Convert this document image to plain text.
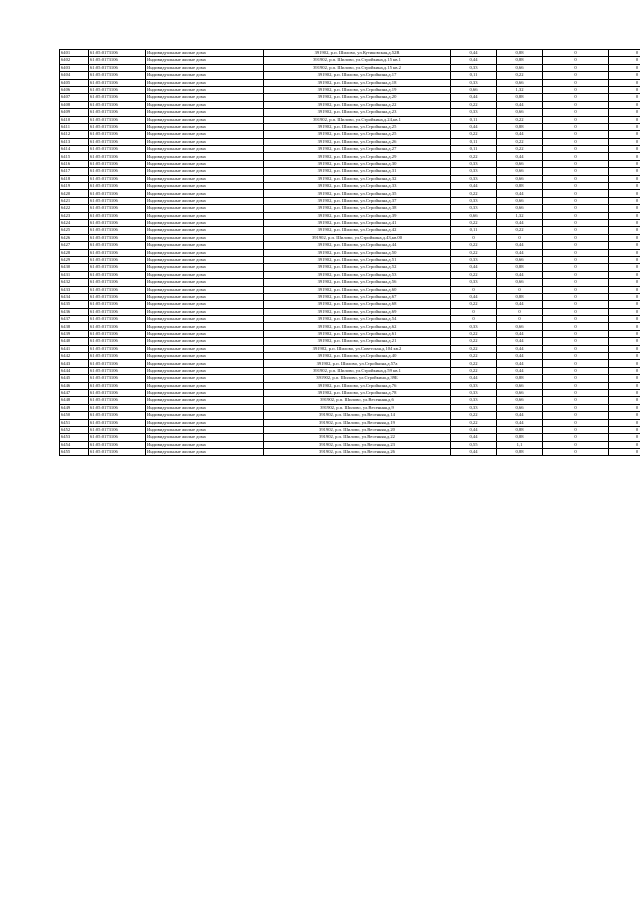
6401	61:05:0173106	Индивидуальные жилые дома	391902, р.п. Шилово, ул.Кутиковская,д.52В	0,44	0,88	0	0
6402	61:05:0173106	Индивидуальные жилые дома	391902, р.п. Шилово, ул.Стройкина,д.15 кв.1	0,44	0,88	0	0
6403	61:05:0173106	Индивидуальные жилые дома	391902, р.п. Шилово, ул.Стройкина,д.15 кв.2	0,33	0,66	0	0
6404	61:05:0173106	Индивидуальные жилые дома	391902, р.п. Шилово, ул.Стройкина,д.17	0,11	0,22	0	0
6405	61:05:0173106	Индивидуальные жилые дома	391902, р.п. Шилово, ул.Стройкина,д.18	0,33	0,66	0	0
6406	61:05:0173106	Индивидуальные жилые дома	391902, р.п. Шилово, ул.Стройкина,д.19	0,66	1,32	0	0
6407	61:05:0173106	Индивидуальные жилые дома	391902, р.п. Шилово, ул.Стройкина,д.20	0,44	0,88	0	0
6408	61:05:0173106	Индивидуальные жилые дома	391902, р.п. Шилово, ул.Стройкина,д.22	0,22	0,44	0	0
6409	61:05:0173106	Индивидуальные жилые дома	391902, р.п. Шилово, ул.Стройкина,д.23	0,33	0,66	0	0
6410	61:05:0173106	Индивидуальные жилые дома	391902, р.п. Шилово, ул.Стройкина,д.24,кв.1	0,11	0,22	0	0
6411	61:05:0173106	Индивидуальные жилые дома	391902, р.п. Шилово, ул.Стройкина,д.25	0,44	0,88	0	0
6412	61:05:0173106	Индивидуальные жилые дома	391902, р.п. Шилово, ул.Стройкина,д.25	0,22	0,44	0	0
6413	61:05:0173106	Индивидуальные жилые дома	391902, р.п. Шилово, ул.Стройкина,д.26	0,11	0,22	0	0
6414	61:05:0173106	Индивидуальные жилые дома	391902, р.п. Шилово, ул.Стройкина,д.27	0,11	0,22	0	0
6415	61:05:0173106	Индивидуальные жилые дома	391902, р.п. Шилово, ул.Стройкина,д.29	0,22	0,44	0	0
6416	61:05:0173106	Индивидуальные жилые дома	391902, р.п. Шилово, ул.Стройкина,д.30	0,33	0,66	0	0
6417	61:05:0173106	Индивидуальные жилые дома	391902, р.п. Шилово, ул.Стройкина,д.31	0,33	0,66	0	0
6418	61:05:0173106	Индивидуальные жилые дома	391902, р.п. Шилово, ул.Стройкина,д.32	0,33	0,66	0	0
6419	61:05:0173106	Индивидуальные жилые дома	391902, р.п. Шилово, ул.Стройкина,д.33	0,44	0,88	0	0
6420	61:05:0173106	Индивидуальные жилые дома	391902, р.п. Шилово, ул.Стройкина,д.35	0,22	0,44	0	0
6421	61:05:0173106	Индивидуальные жилые дома	391902, р.п. Шилово, ул.Стройкина,д.37	0,33	0,66	0	0
6422	61:05:0173106	Индивидуальные жилые дома	391902, р.п. Шилово, ул.Стройкина,д.38	0,33	0,66	0	0
6423	61:05:0173106	Индивидуальные жилые дома	391902, р.п. Шилово, ул.Стройкина,д.39	0,66	1,32	0	0
6424	61:05:0173106	Индивидуальные жилые дома	391902, р.п. Шилово, ул.Стройкина,д.41	0,22	0,44	0	0
6425	61:05:0173106	Индивидуальные жилые дома	391902, р.п. Шилово, ул.Стройкина,д.42	0,11	0,22	0	0
6426	61:05:0173106	Индивидуальные жилые дома	391902, р.п. Шилово, ул.Стройкина,д.43,кв.00	0	0	0	0
6427	61:05:0173106	Индивидуальные жилые дома	391902, р.п. Шилово, ул.Стройкина,д.44	0,22	0,44	0	0
6428	61:05:0173106	Индивидуальные жилые дома	391902, р.п. Шилово, ул.Стройкина,д.50	0,22	0,44	0	0
6429	61:05:0173106	Индивидуальные жилые дома	391902, р.п. Шилово, ул.Стройкина,д.51	0,33	0,66	0	0
6430	61:05:0173106	Индивидуальные жилые дома	391902, р.п. Шилово, ул.Стройкина,д.52	0,44	0,88	0	0
6431	61:05:0173106	Индивидуальные жилые дома	391902, р.п. Шилово, ул.Стройкина,д.53	0,22	0,44	0	0
6432	61:05:0173106	Индивидуальные жилые дома	391902, р.п. Шилово, ул.Стройкина,д.56	0,33	0,66	0	0
6433	61:05:0173106	Индивидуальные жилые дома	391902, р.п. Шилово, ул.Стройкина,д.60	0	0	0	0
6434	61:05:0173106	Индивидуальные жилые дома	391902, р.п. Шилово, ул.Стройкина,д.67	0,44	0,88	0	0
6435	61:05:0173106	Индивидуальные жилые дома	391902, р.п. Шилово, ул.Стройкина,д.68	0,22	0,44	0	0
6436	61:05:0173106	Индивидуальные жилые дома	391902, р.п. Шилово, ул.Стройкина,д.69	0	0	0	0
6437	61:05:0173106	Индивидуальные жилые дома	391902, р.п. Шилово, ул.Стройкина,д.54	0	0	0	0
6438	61:05:0173106	Индивидуальные жилые дома	391902, р.п. Шилово, ул.Стройкина,д.62	0,33	0,66	0	0
6439	61:05:0173106	Индивидуальные жилые дома	391902, р.п. Шилово, ул.Стройкина,д.61	0,22	0,44	0	0
6440	61:05:0173106	Индивидуальные жилые дома	391902, р.п. Шилово, ул.Стройкина,д.21	0,22	0,44	0	0
6441	61:05:0173106	Индивидуальные жилые дома	391902, р.п. Шилово, ул.Советская,д.104 кв.2	0,22	0,44	0	0
6442	61:05:0173106	Индивидуальные жилые дома	391902, р.п. Шилово, ул.Стройкина,д.40	0,22	0,44	0	0
6443	61:05:0173106	Индивидуальные жилые дома	391902, р.п. Шилово, ул.Стройкина,д.57а	0,22	0,44	0	0
6444	61:05:0173106	Индивидуальные жилые дома	391902, р.п. Шилово, ул.Стройкина,д.59 кв.1	0,22	0,44	0	0
6445	61:05:0173106	Индивидуальные жилые дома	391902, р.п. Шилово, ул.Стройкина,д.39Б	0,44	0,88	0	0
6446	61:05:0173106	Индивидуальные жилые дома	391902, р.п. Шилово, ул.Стройкина,д.76	0,33	0,66	0	0
6447	61:05:0173106	Индивидуальные жилые дома	391902, р.п. Шилово, ул.Стройкина,д.78	0,33	0,66	0	0
6448	61:05:0173106	Индивидуальные жилые дома	391902, р.п. Шилово, ул.Весенняя,д.6	0,33	0,66	0	0
6449	61:05:0173106	Индивидуальные жилые дома	391902, р.п. Шилово, ул.Весенняя,д.9	0,33	0,66	0	0
6450	61:05:0173106	Индивидуальные жилые дома	391902, р.п. Шилово, ул.Весенняя,д.14	0,22	0,44	0	0
6451	61:05:0173106	Индивидуальные жилые дома	391902, р.п. Шилово, ул.Весенняя,д.19	0,22	0,44	0	0
6452	61:05:0173106	Индивидуальные жилые дома	391902, р.п. Шилово, ул.Весенняя,д.20	0,44	0,88	0	0
6453	61:05:0173106	Индивидуальные жилые дома	391902, р.п. Шилово, ул.Весенняя,д.22	0,44	0,88	0	0
6454	61:05:0173106	Индивидуальные жилые дома	391902, р.п. Шилово, ул.Весенняя,д.23	0,55	1,1	0	0
6455	61:05:0173106	Индивидуальные жилые дома	391902, р.п. Шилово, ул.Весенняя,д.26	0,44	0,88	0	0
